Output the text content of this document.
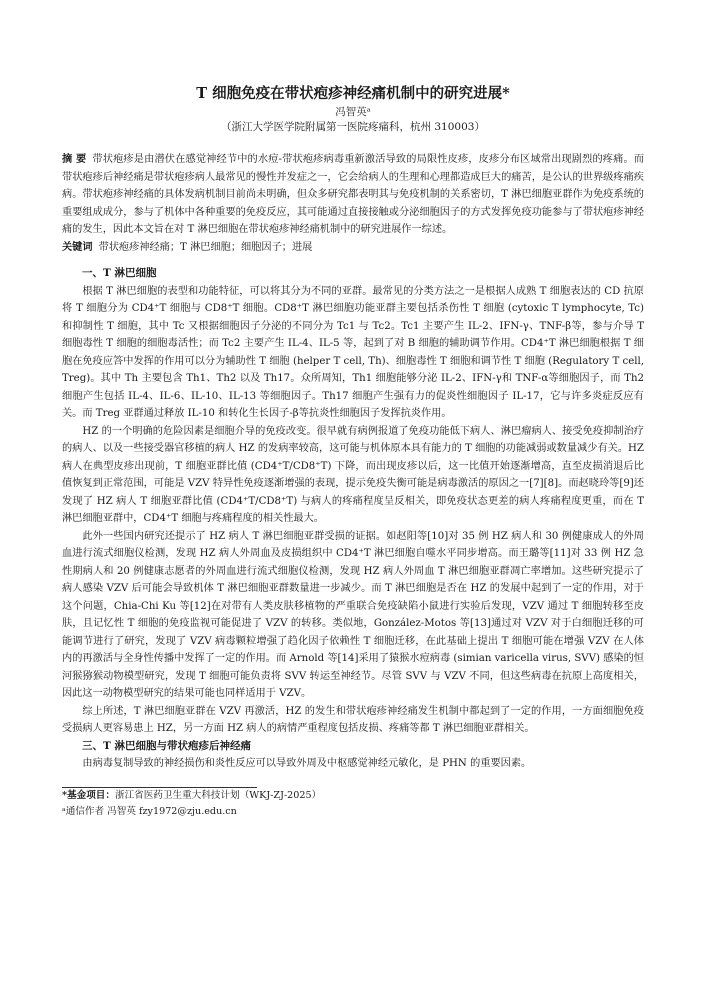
T 细胞免疫在带状疱疹神经痛机制中的研究进展*
冯智英ᵃ
（浙江大学医学院附属第一医院疼痛科，杭州 310003）
摘 要 带状疱疹是由潜伏在感觉神经节中的水痘-带状疱疹病毒重新激活导致的局限性皮疹，皮疹分布区域常出现剧烈的疼痛。而带状疱疹后神经痛是带状疱疹病人最常见的慢性并发症之一，它会给病人的生理和心理都造成巨大的痛苦，是公认的世界级疼痛疾病。带状疱疹神经痛的具体发病机制目前尚未明确，但众多研究都表明其与免疫机制的关系密切，T 淋巴细胞亚群作为免疫系统的重要组成成分，参与了机体中各种重要的免疫反应，其可能通过直接接触或分泌细胞因子的方式发挥免疫功能参与了带状疱疹神经痛的发生，因此本文旨在对 T 淋巴细胞在带状疱疹神经痛机制中的研究进展作一综述。
关键词 带状疱疹神经痛；T 淋巴细胞；细胞因子；进展
一、T 淋巴细胞

根据 T 淋巴细胞的表型和功能特征，可以将其分为不同的亚群。最常见的分类方法之一是根据人成熟 T 细胞表达的 CD 抗原将 T 细胞分为 CD4⁺T 细胞与 CD8⁺T 细胞。CD8⁺T 淋巴细胞功能亚群主要包括杀伤性 T 细胞 (cytoxic T lymphocyte, Tc) 和抑制性 T 细胞，其中 Tc 又根据细胞因子分泌的不同分为 Tc1 与 Tc2。Tc1 主要产生 IL-2、IFN-γ、TNF-β等，参与介导 T 细胞毒性 T 细胞的细胞毒活性；而 Tc2 主要产生 IL-4、IL-5 等，起到了对 B 细胞的辅助调节作用。CD4⁺T 淋巴细胞根据 T 细胞在免疫应答中发挥的作用可以分为辅助性 T 细胞 (helper T cell, Th)、细胞毒性 T 细胞和调节性 T 细胞 (Regulatory T cell, Treg)。其中 Th 主要包含 Th1、Th2 以及 Th17。众所周知，Th1 细胞能够分泌 IL-2、IFN-γ和 TNF-α等细胞因子，而 Th2 细胞产生包括 IL-4、IL-6、IL-10、IL-13 等细胞因子。Th17 细胞产生强有力的促炎性细胞因子 IL-17，它与许多炎症反应有关。而 Treg 亚群通过释放 IL-10 和转化生长因子-β等抗炎性细胞因子发挥抗炎作用。

HZ 的一个明确的危险因素是细胞介导的免疫改变。很早就有病例报道了免疫功能低下病人、淋巴瘤病人、接受免疫抑制治疗的病人、以及一些接受器官移植的病人 HZ 的发病率较高，这可能与机体原本具有能力的 T 细胞的功能减弱或数量减少有关。HZ 病人在典型皮疹出现前，T 细胞亚群比值 (CD4⁺T/CD8⁺T) 下降，而出现皮疹以后，这一比值开始逐渐增高，直至皮损消退后比值恢复到正常范围，可能是 VZV 特异性免疫逐渐增强的表现，提示免疫失衡可能是病毒激活的原因之一[7][8]。而赵晓玲等[9]还发现了 HZ 病人 T 细胞亚群比值 (CD4⁺T/CD8⁺T) 与病人的疼痛程度呈反相关，即免疫状态更差的病人疼痛程度更重，而在 T 淋巴细胞亚群中，CD4⁺T 细胞与疼痛程度的相关性最大。

此外一些国内研究还提示了 HZ 病人 T 淋巴细胞亚群受损的证据。如赵阳等[10]对 35 例 HZ 病人和 30 例健康成人的外周血进行流式细胞仪检测，发现 HZ 病人外周血及皮损组织中 CD4⁺T 淋巴细胞自噬水平同步增高。而王璐等[11]对 33 例 HZ 急性期病人和 20 例健康志愿者的外周血进行流式细胞仪检测，发现 HZ 病人外周血 T 淋巴细胞亚群凋亡率增加。这些研究提示了病人感染 VZV 后可能会导致机体 T 淋巴细胞亚群数量进一步减少。而 T 淋巴细胞是否在 HZ 的发展中起到了一定的作用，对于这个问题，Chia-Chi Ku 等[12]在对带有人类皮肤移植物的严重联合免疫缺陷小鼠进行实验后发现，VZV 通过 T 细胞转移至皮肤，且记忆性 T 细胞的免疫监视可能促进了 VZV 的转移。类似地，González-Motos 等[13]通过对 VZV 对于白细胞迁移的可能调节进行了研究，发现了 VZV 病毒颗粒增强了趋化因子依赖性 T 细胞迁移，在此基础上提出 T 细胞可能在增强 VZV 在人体内的再激活与全身性传播中发挥了一定的作用。而 Arnold 等[14]采用了猿猴水痘病毒 (simian varicella virus, SVV) 感染的恒河猴猕猴动物模型研究，发现 T 细胞可能负责将 SVV 转运至神经节。尽管 SVV 与 VZV 不同，但这些病毒在抗原上高度相关，因此这一动物模型研究的结果可能也同样适用于 VZV。

综上所述，T 淋巴细胞亚群在 VZV 再激活，HZ 的发生和带状疱疹神经痛发生机制中都起到了一定的作用，一方面细胞免疫受损病人更容易患上 HZ，另一方面 HZ 病人的病情严重程度包括皮损、疼痛等都 T 淋巴细胞亚群相关。

三、T 淋巴细胞与带状疱疹后神经痛

由病毒复制导致的神经损伤和炎性反应可以导致外周及中枢感觉神经元敏化，是 PHN 的重要因素。

*基金项目：浙江省医药卫生重大科技计划（WKJ-ZJ-2025）
ᵃ通信作者 冯智英 fzy1972@zju.edu.cn
